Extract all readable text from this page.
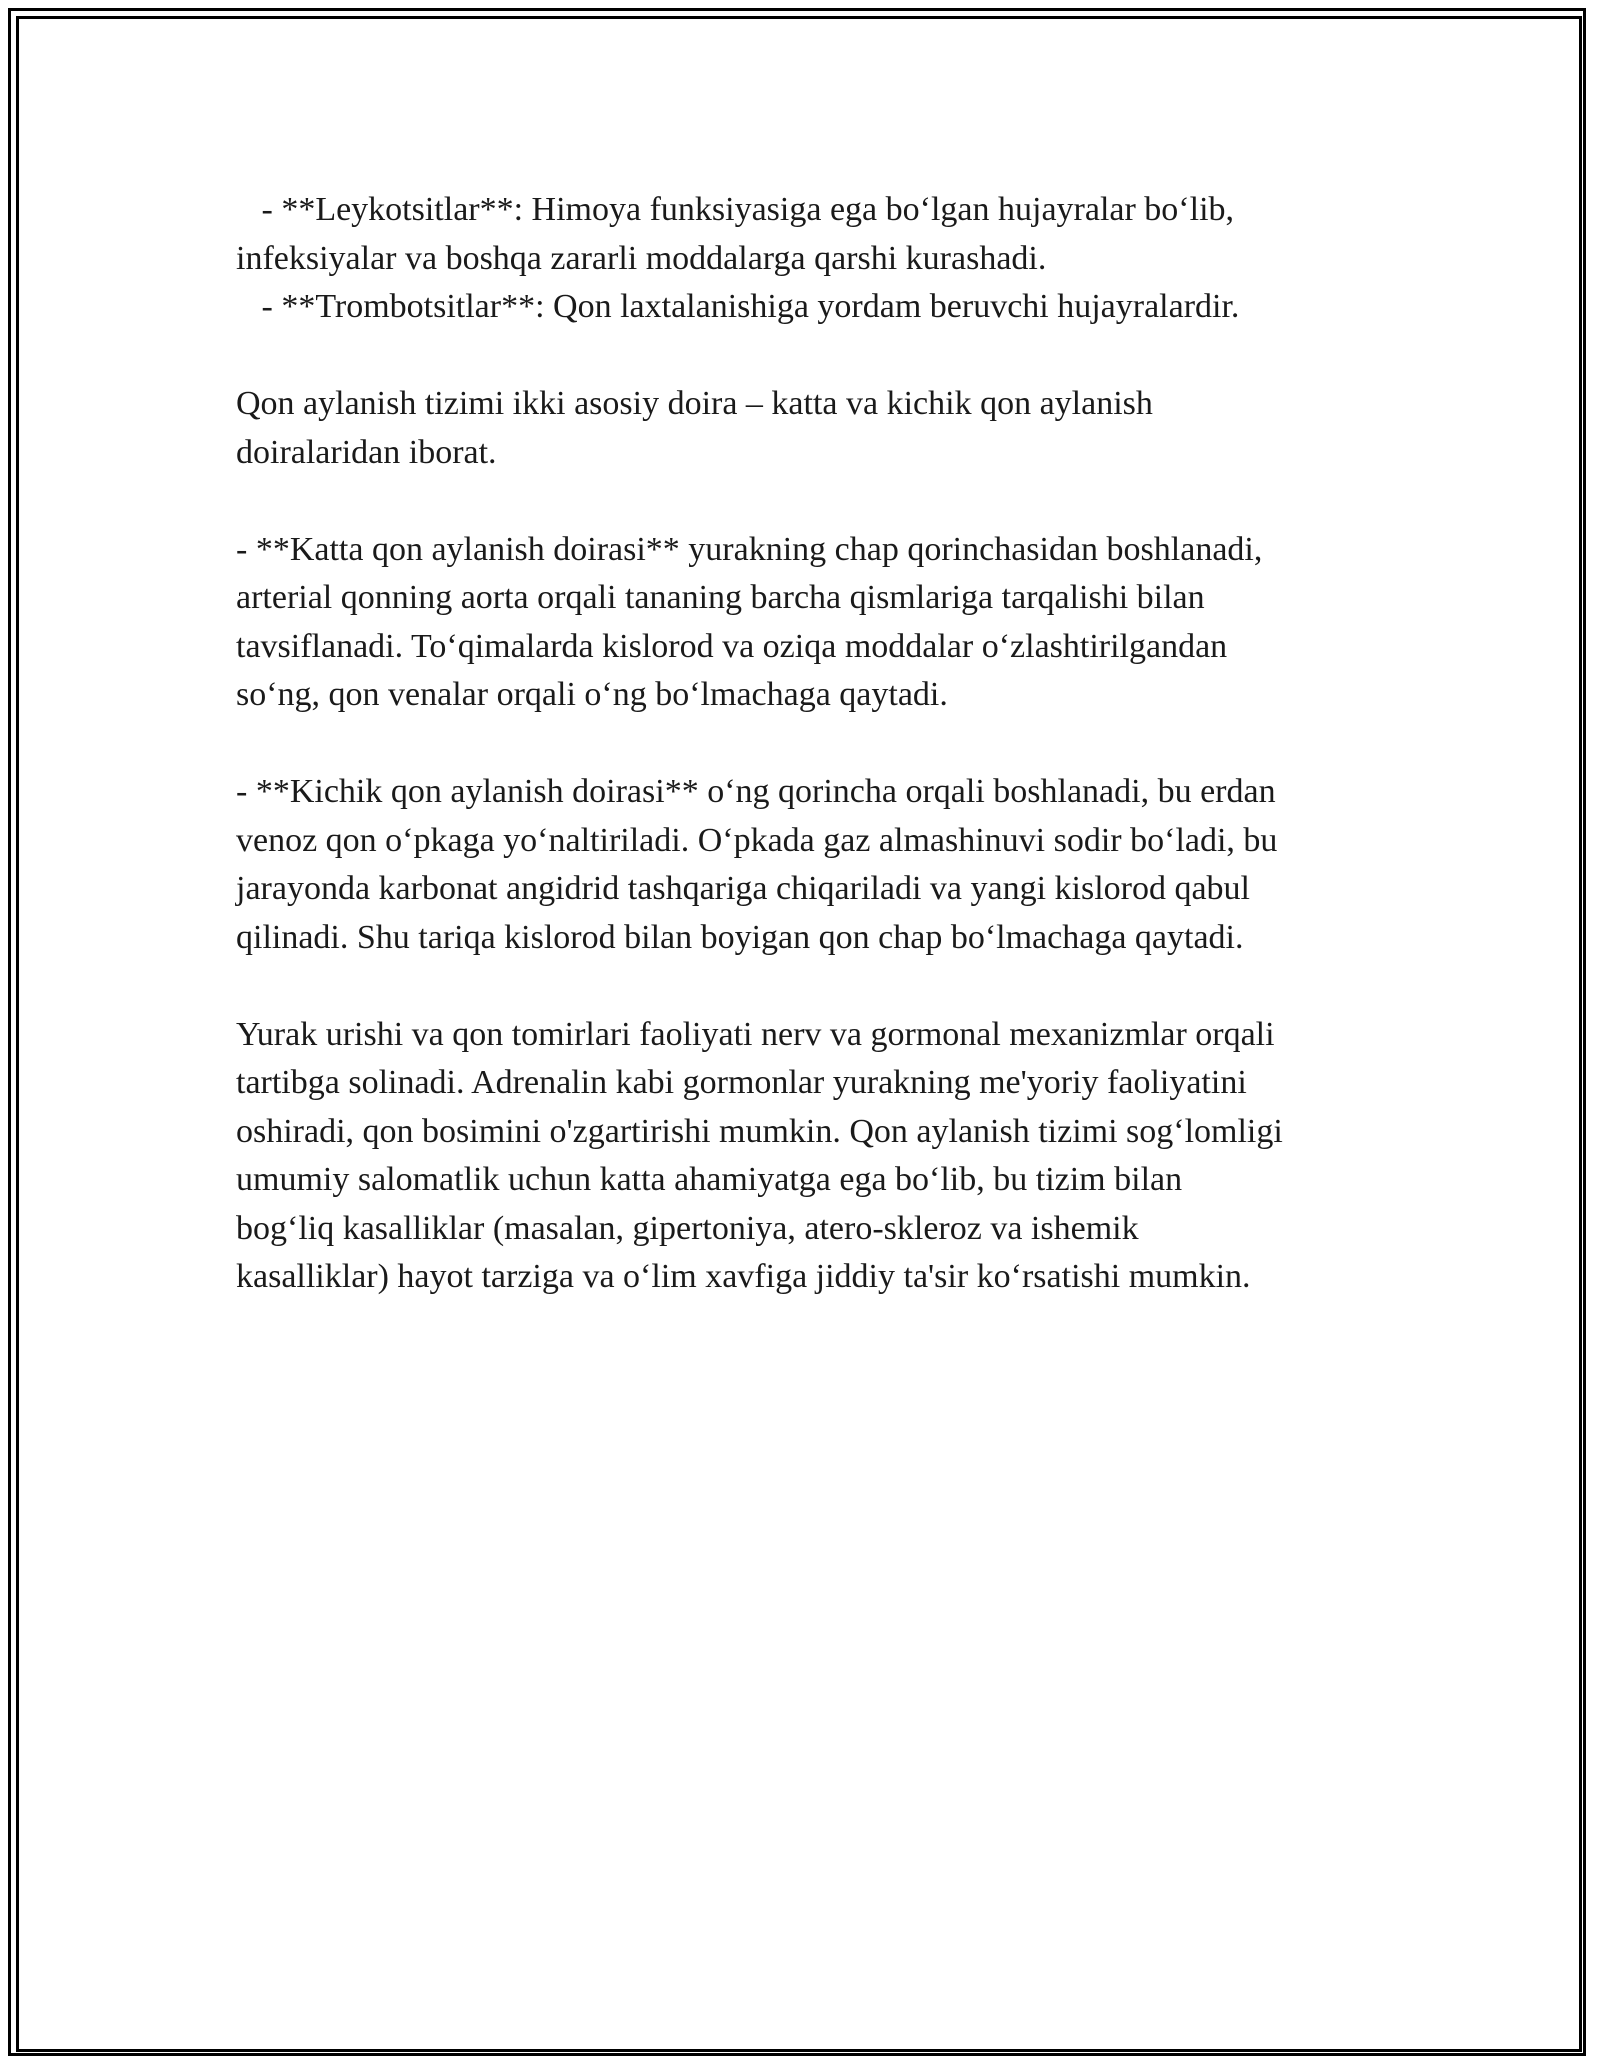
- **Leykotsitlar**: Himoya funksiyasiga ega bo‘lgan hujayralar bo‘lib,

infeksiyalar va boshqa zararli moddalarga qarshi kurashadi.

- **Trombotsitlar**: Qon laxtalanishiga yordam beruvchi hujayralardir.

Qon aylanish tizimi ikki asosiy doira – katta va kichik qon aylanish

doiralaridan iborat.

- **Katta qon aylanish doirasi** yurakning chap qorinchasidan boshlanadi,

arterial qonning aorta orqali tananing barcha qismlariga tarqalishi bilan

tavsiflanadi. To‘qimalarda kislorod va oziqa moddalar o‘zlashtirilgandan

so‘ng, qon venalar orqali o‘ng bo‘lmachaga qaytadi.

- **Kichik qon aylanish doirasi** o‘ng qorincha orqali boshlanadi, bu erdan

venoz qon o‘pkaga yo‘naltiriladi. O‘pkada gaz almashinuvi sodir bo‘ladi, bu

jarayonda karbonat angidrid tashqariga chiqariladi va yangi kislorod qabul

qilinadi. Shu tariqa kislorod bilan boyigan qon chap bo‘lmachaga qaytadi.

Yurak urishi va qon tomirlari faoliyati nerv va gormonal mexanizmlar orqali

tartibga solinadi. Adrenalin kabi gormonlar yurakning me'yoriy faoliyatini

oshiradi, qon bosimini o'zgartirishi mumkin. Qon aylanish tizimi sog‘lomligi

umumiy salomatlik uchun katta ahamiyatga ega bo‘lib, bu tizim bilan

bog‘liq kasalliklar (masalan, gipertoniya, atero-skleroz va ishemik

kasalliklar) hayot tarziga va o‘lim xavfiga jiddiy ta'sir ko‘rsatishi mumkin.
